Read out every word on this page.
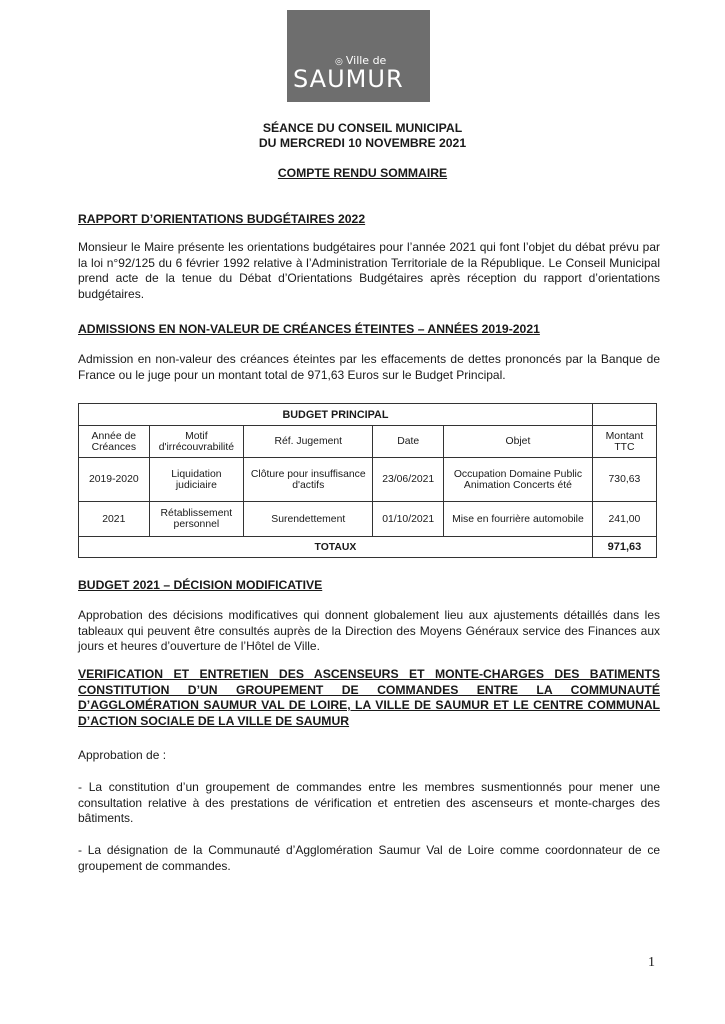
◎ Ville de
SAUMUR
SÉANCE DU CONSEIL MUNICIPAL
DU MERCREDI 10 NOVEMBRE 2021
COMPTE RENDU SOMMAIRE
RAPPORT D’ORIENTATIONS BUDGÉTAIRES 2022
Monsieur le Maire présente les orientations budgétaires pour l’année 2021 qui font l’objet du débat prévu par la loi n°92/125 du 6 février 1992 relative à l’Administration Territoriale de la République. Le Conseil Municipal prend acte de la tenue du Débat d’Orientations Budgétaires après réception du rapport d’orientations budgétaires.
ADMISSIONS EN NON-VALEUR DE CRÉANCES ÉTEINTES – ANNÉES 2019-2021
Admission en non-valeur des créances éteintes par les effacements de dettes prononcés par la Banque de France ou le juge pour un montant total de 971,63 Euros sur le Budget Principal.
BUDGET PRINCIPAL					
Année de Créances	Motif d'irrécouvrabilité	Réf. Jugement	Date	Objet	Montant TTC
2019-2020	Liquidation judiciaire	Clôture pour insuffisance d'actifs	23/06/2021	Occupation Domaine Public Animation Concerts été	730,63
2021	Rétablissement personnel	Surendettement	01/10/2021	Mise en fourrière automobile	241,00
TOTAUX					971,63
BUDGET 2021 – DÉCISION MODIFICATIVE
Approbation des décisions modificatives qui donnent globalement lieu aux ajustements détaillés dans les tableaux qui peuvent être consultés auprès de la Direction des Moyens Généraux service des Finances aux jours et heures d’ouverture de l’Hôtel de Ville.
VERIFICATION ET ENTRETIEN DES ASCENSEURS ET MONTE-CHARGES DES BATIMENTS CONSTITUTION D’UN GROUPEMENT DE COMMANDES ENTRE LA COMMUNAUTÉ D’AGGLOMÉRATION SAUMUR VAL DE LOIRE, LA VILLE DE SAUMUR ET LE CENTRE COMMUNAL D’ACTION SOCIALE DE LA VILLE DE SAUMUR
Approbation de :
- La constitution d’un groupement de commandes entre les membres susmentionnés pour mener une consultation relative à des prestations de vérification et entretien des ascenseurs et monte-charges des bâtiments.
- La désignation de la Communauté d’Agglomération Saumur Val de Loire comme coordonnateur de ce groupement de commandes.
1
